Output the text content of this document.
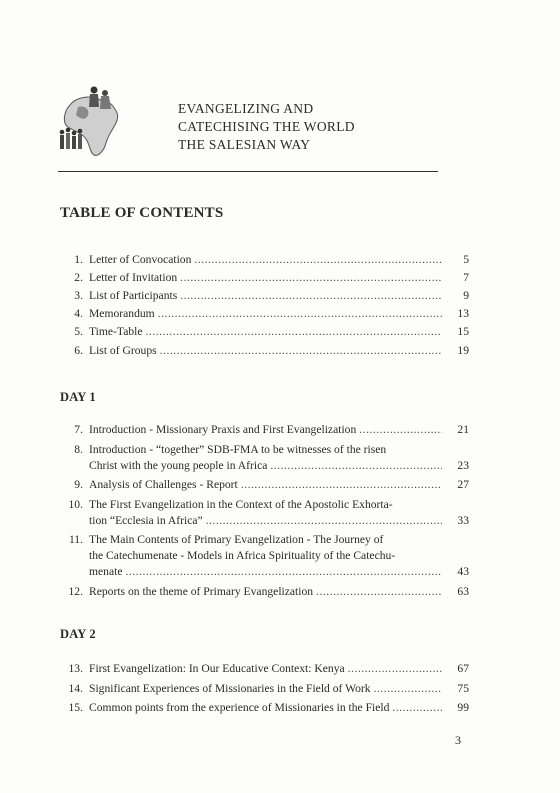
EVANGELIZING AND
CATECHISING THE WORLD
THE SALESIAN WAY
TABLE OF CONTENTS
1. Letter of Convocation .....	5
2. Letter of Invitation .....	7
3. List of Participants .....	9
4. Memorandum .....	13
5. Time-Table .....	15
6. List of Groups .....	19
DAY 1
7. Introduction - Missionary Praxis and First Evangelization .....	21
8. Introduction - “together” SDB-FMA to be witnesses of the risen
Christ with the young people in Africa .....	23
9. Analysis of Challenges - Report .....	27
10. The First Evangelization in the Context of the Apostolic Exhorta-
tion “Ecclesia in Africa” .....	33
11. The Main Contents of Primary Evangelization - The Journey of
the Catechumenate - Models in Africa Spirituality of the Catechu-
menate .....	43
12. Reports on the theme of Primary Evangelization .....	63
DAY 2
13. First Evangelization: In Our Educative Context: Kenya .....	67
14. Significant Experiences of Missionaries in the Field of Work .....	75
15. Common points from the experience of Missionaries in the Field .....	99
3
